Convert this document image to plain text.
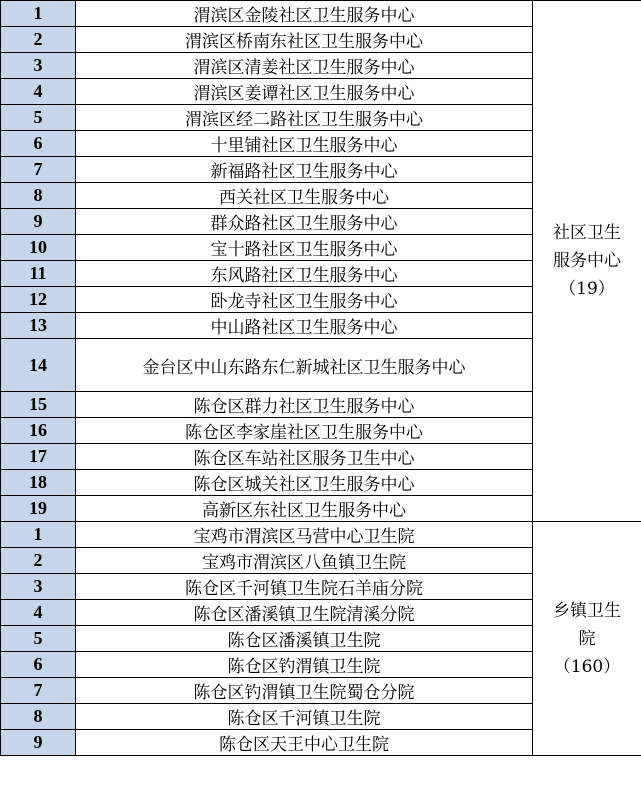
1	渭滨区金陵社区卫生服务中心	社区卫生
服务中心
（19）

2	渭滨区桥南东社区卫生服务中心	
3	渭滨区清姜社区卫生服务中心	
4	渭滨区姜谭社区卫生服务中心	
5	渭滨区经二路社区卫生服务中心	
6	十里铺社区卫生服务中心	
7	新福路社区卫生服务中心	
8	西关社区卫生服务中心	
9	群众路社区卫生服务中心	
10	宝十路社区卫生服务中心	
11	东风路社区卫生服务中心	
12	卧龙寺社区卫生服务中心	
13	中山路社区卫生服务中心	
14	金台区中山东路东仁新城社区卫生服务中心	
15	陈仓区群力社区卫生服务中心	
16	陈仓区李家崖社区卫生服务中心	
17	陈仓区车站社区服务卫生中心	
18	陈仓区城关社区卫生服务中心	
19	高新区东社区卫生服务中心	
1	宝鸡市渭滨区马营中心卫生院	乡镇卫生
院
（160）

2	宝鸡市渭滨区八鱼镇卫生院	
3	陈仓区千河镇卫生院石羊庙分院	
4	陈仓区潘溪镇卫生院清溪分院	
5	陈仓区潘溪镇卫生院	
6	陈仓区钓渭镇卫生院	
7	陈仓区钓渭镇卫生院蜀仓分院	
8	陈仓区千河镇卫生院	
9	陈仓区天王中心卫生院	
